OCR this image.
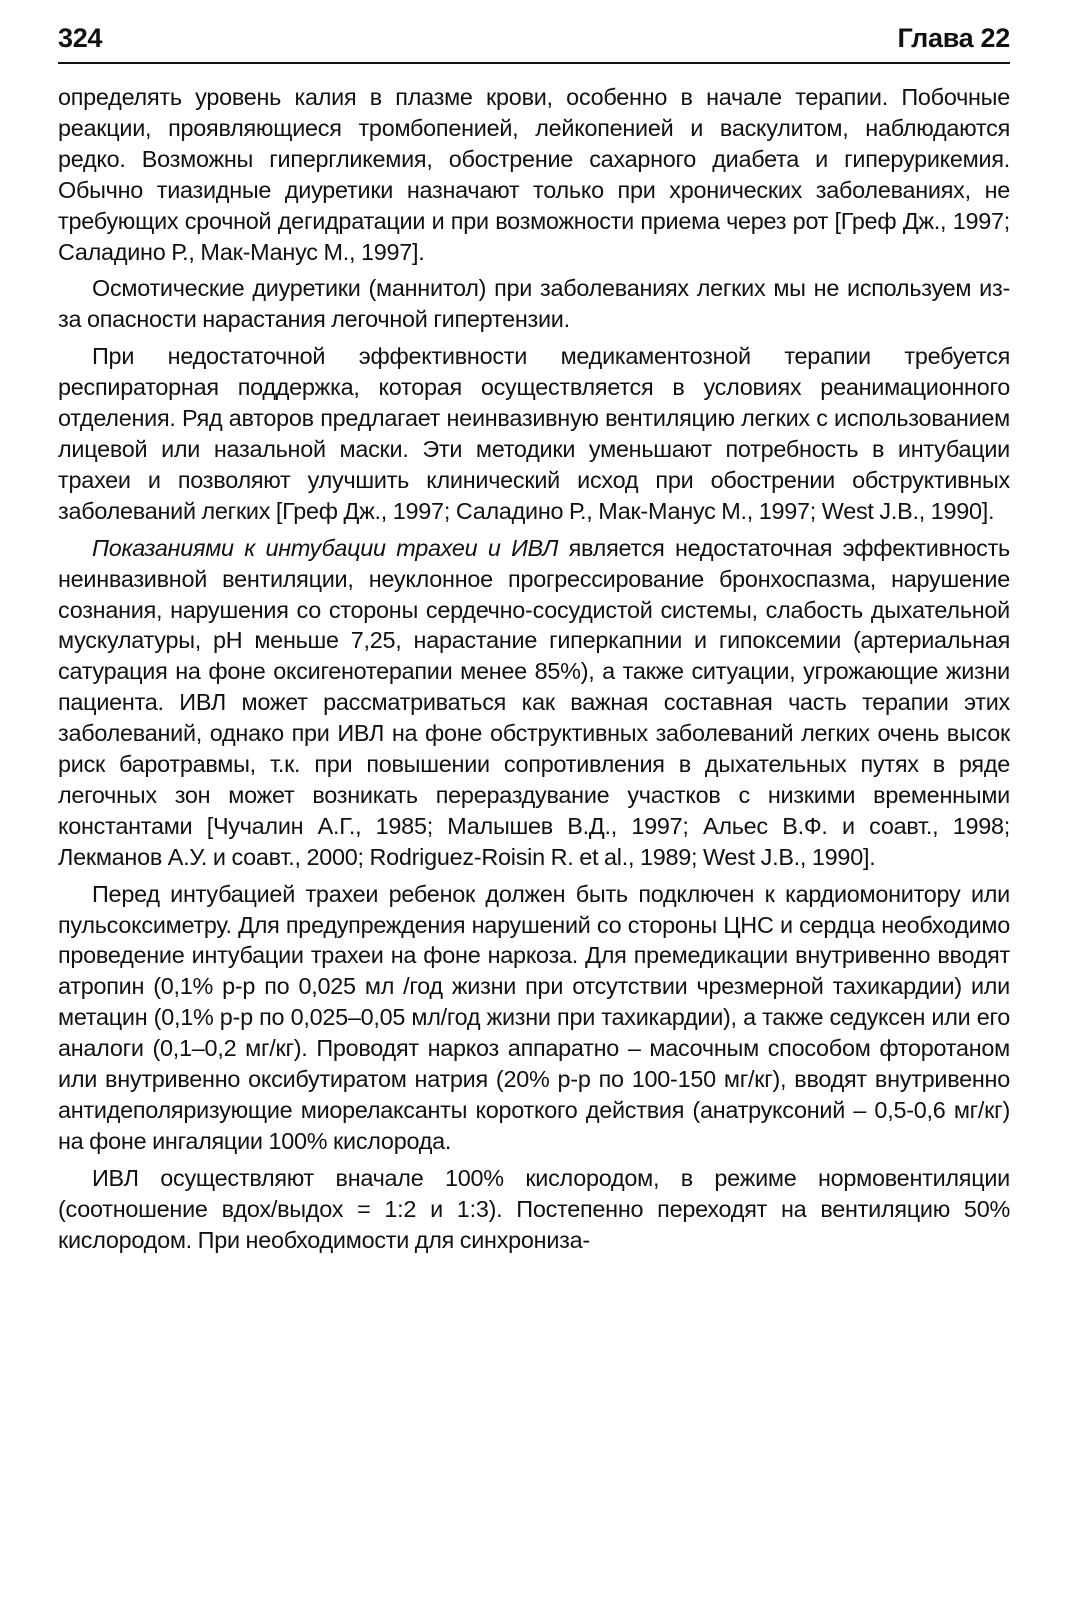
324	Глава 22

определять уровень калия в плазме крови, особенно в начале терапии. Побочные реакции, проявляющиеся тромбопенией, лейкопенией и васкулитом, наблюдаются редко. Возможны гипергликемия, обострение сахарного диабета и гиперурикемия. Обычно тиазидные диуретики назначают только при хронических заболеваниях, не требующих срочной дегидратации и при возможности приема через рот [Греф Дж., 1997; Саладино Р., Мак-Манус М., 1997].

Осмотические диуретики (маннитол) при заболеваниях легких мы не используем из-за опасности нарастания легочной гипертензии.

При недостаточной эффективности медикаментозной терапии требуется респираторная поддержка, которая осуществляется в условиях реанимационного отделения. Ряд авторов предлагает неинвазивную вентиляцию легких с использованием лицевой или назальной маски. Эти методики уменьшают потребность в интубации трахеи и позволяют улучшить клинический исход при обострении обструктивных заболеваний легких [Греф Дж., 1997; Саладино Р., Мак-Манус М., 1997; West J.B., 1990].

Показаниями к интубации трахеи и ИВЛ является недостаточная эффективность неинвазивной вентиляции, неуклонное прогрессирование бронхоспазма, нарушение сознания, нарушения со стороны сердечно-сосудистой системы, слабость дыхательной мускулатуры, pH меньше 7,25, нарастание гиперкапнии и гипоксемии (артериальная сатурация на фоне оксигенотерапии менее 85%), а также ситуации, угрожающие жизни пациента. ИВЛ может рассматриваться как важная составная часть терапии этих заболеваний, однако при ИВЛ на фоне обструктивных заболеваний легких очень высок риск баротравмы, т.к. при повышении сопротивления в дыхательных путях в ряде легочных зон может возникать перераздувание участков с низкими временными константами [Чучалин А.Г., 1985; Малышев В.Д., 1997; Альес В.Ф. и соавт., 1998; Лекманов А.У. и соавт., 2000; Rodriguez-Roisin R. et al., 1989; West J.B., 1990].

Перед интубацией трахеи ребенок должен быть подключен к кардиомонитору или пульсоксиметру. Для предупреждения нарушений со стороны ЦНС и сердца необходимо проведение интубации трахеи на фоне наркоза. Для премедикации внутривенно вводят атропин (0,1% р-р по 0,025 мл /год жизни при отсутствии чрезмерной тахикардии) или метацин (0,1% р-р по 0,025–0,05 мл/год жизни при тахикардии), а также седуксен или его аналоги (0,1–0,2 мг/кг). Проводят наркоз аппаратно – масочным способом фторотаном или внутривенно оксибутиратом натрия (20% р-р по 100-150 мг/кг), вводят внутривенно антидеполяризующие миорелаксанты короткого действия (анатруксоний – 0,5-0,6 мг/кг) на фоне ингаляции 100% кислорода.

ИВЛ осуществляют вначале 100% кислородом, в режиме нормовентиляции (соотношение вдох/выдох = 1:2 и 1:3). Постепенно переходят на вентиляцию 50% кислородом. При необходимости для синхрониза-
